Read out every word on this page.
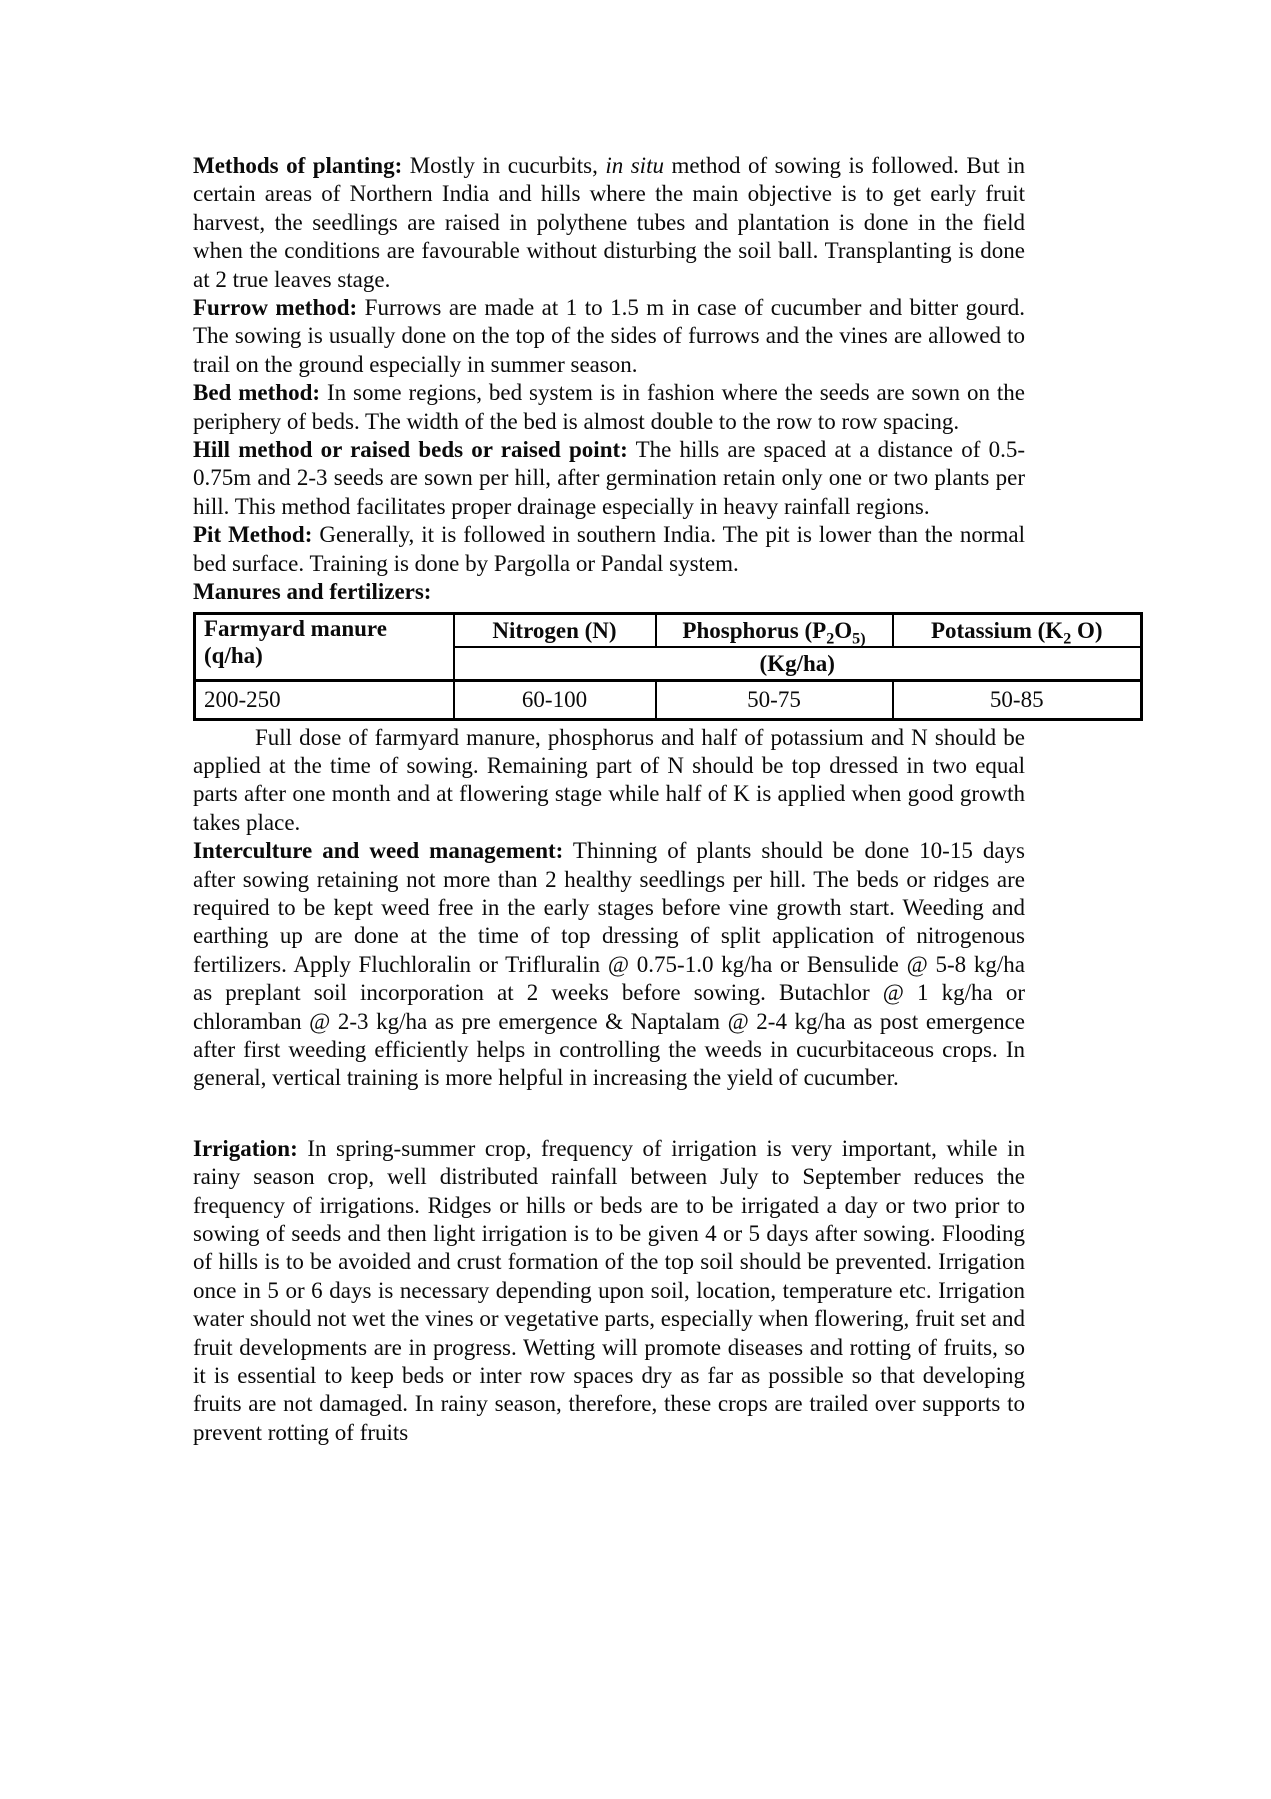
Methods of planting: Mostly in cucurbits, in situ method of sowing is followed. But in certain areas of Northern India and hills where the main objective is to get early fruit harvest, the seedlings are raised in polythene tubes and plantation is done in the field when the conditions are favourable without disturbing the soil ball. Transplanting is done at 2 true leaves stage.

Furrow method: Furrows are made at 1 to 1.5 m in case of cucumber and bitter gourd. The sowing is usually done on the top of the sides of furrows and the vines are allowed to trail on the ground especially in summer season.

Bed method: In some regions, bed system is in fashion where the seeds are sown on the periphery of beds. The width of the bed is almost double to the row to row spacing.

Hill method or raised beds or raised point: The hills are spaced at a distance of 0.5- 0.75m and 2-3 seeds are sown per hill, after germination retain only one or two plants per hill. This method facilitates proper drainage especially in heavy rainfall regions.

Pit Method: Generally, it is followed in southern India. The pit is lower than the normal bed surface. Training is done by Pargolla or Pandal system.

Manures and fertilizers:

Farmyard manure
(q/ha)	Nitrogen (N)	Phosphorus ($P_2O_{5)}$	Potassium ($K_2$ O)
	(Kg/ha)		
200-250	60-100	50-75	50-85

Full dose of farmyard manure, phosphorus and half of potassium and N should be applied at the time of sowing. Remaining part of N should be top dressed in two equal parts after one month and at flowering stage while half of K is applied when good growth takes place.

Interculture and weed management: Thinning of plants should be done 10-15 days after sowing retaining not more than 2 healthy seedlings per hill. The beds or ridges are required to be kept weed free in the early stages before vine growth start. Weeding and earthing up are done at the time of top dressing of split application of nitrogenous fertilizers. Apply Fluchloralin or Trifluralin @ 0.75-1.0 kg/ha or Bensulide @ 5-8 kg/ha as preplant soil incorporation at 2 weeks before sowing. Butachlor @ 1 kg/ha or chloramban @ 2-3 kg/ha as pre emergence & Naptalam @ 2-4 kg/ha as post emergence after first weeding efficiently helps in controlling the weeds in cucurbitaceous crops. In general, vertical training is more helpful in increasing the yield of cucumber.

Irrigation: In spring-summer crop, frequency of irrigation is very important, while in rainy season crop, well distributed rainfall between July to September reduces the frequency of irrigations. Ridges or hills or beds are to be irrigated a day or two prior to sowing of seeds and then light irrigation is to be given 4 or 5 days after sowing. Flooding of hills is to be avoided and crust formation of the top soil should be prevented. Irrigation once in 5 or 6 days is necessary depending upon soil, location, temperature etc. Irrigation water should not wet the vines or vegetative parts, especially when flowering, fruit set and fruit developments are in progress. Wetting will promote diseases and rotting of fruits, so it is essential to keep beds or inter row spaces dry as far as possible so that developing fruits are not damaged. In rainy season, therefore, these crops are trailed over supports to prevent rotting of fruits
